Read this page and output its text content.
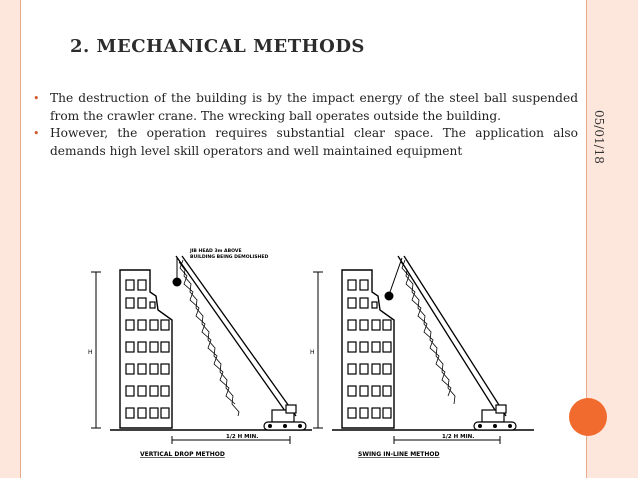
2. MECHANICAL METHODS
• The destruction of the building is by the impact energy of the steel ball suspended from the crawler crane. The wrecking ball operates outside the building.
• However, the operation requires substantial clear space. The application also demands high level skill operators and well maintained equipment	05/01/18
H
1/2 H MIN.
JIB HEAD 3m ABOVE
BUILDING BEING DEMOLISHED
VERTICAL DROP METHOD
H
1/2 H MIN.
SWING IN-LINE METHOD
